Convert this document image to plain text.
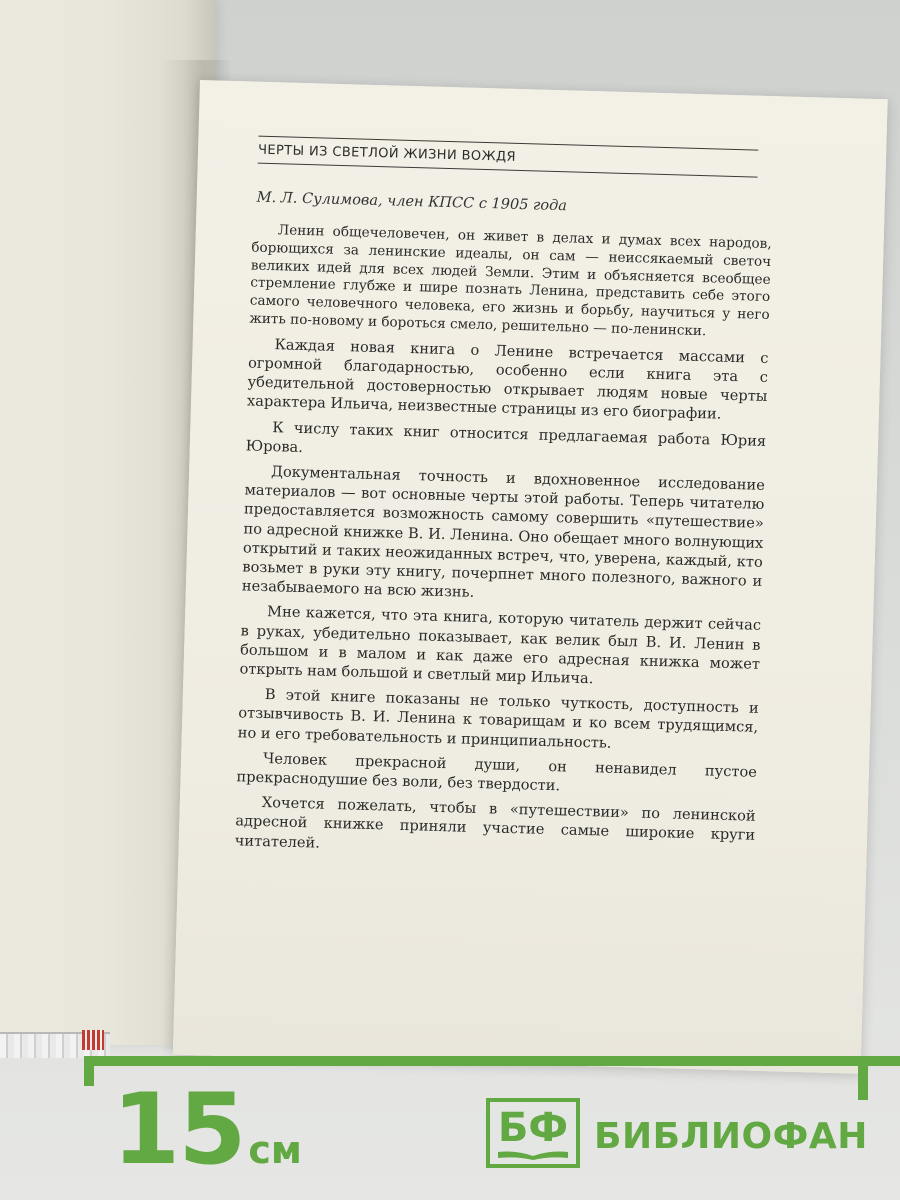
ЧЕРТЫ ИЗ СВЕТЛОЙ ЖИЗНИ ВОЖДЯ
М. Л. Сулимова, член КПСС с 1905 года

Ленин общечеловечен, он живет в делах и думах всех народов, борющихся за ленинские идеалы, он сам — неиссякаемый светоч великих идей для всех людей Земли. Этим и объясняется всеобщее стремление глубже и шире познать Ленина, представить себе этого самого человечного человека, его жизнь и борьбу, научиться у него жить по-новому и бороться смело, решительно — по-ленински.

Каждая новая книга о Ленине встречается массами с огромной благодарностью, особенно если книга эта с убедительной достоверностью открывает людям новые черты характера Ильича, неизвестные страницы из его биографии.

К числу таких книг относится предлагаемая работа Юрия Юрова.

Документальная точность и вдохновенное исследование материалов — вот основные черты этой работы. Теперь читателю предоставляется возможность самому совершить «путешествие» по адресной книжке В. И. Ленина. Оно обещает много волнующих открытий и таких неожиданных встреч, что, уверена, каждый, кто возьмет в руки эту книгу, почерпнет много полезного, важного и незабываемого на всю жизнь.

Мне кажется, что эта книга, которую читатель держит сейчас в руках, убедительно показывает, как велик был В. И. Ленин в большом и в малом и как даже его адресная книжка может открыть нам большой и светлый мир Ильича.

В этой книге показаны не только чуткость, доступность и отзывчивость В. И. Ленина к товарищам и ко всем трудящимся, но и его требовательность и принципиальность.

Человек прекрасной души, он ненавидел пустое прекраснодушие без воли, без твердости.

Хочется пожелать, чтобы в «путешествии» по ленинской адресной книжке приняли участие самые широкие круги читателей.

15 см	БФ БИБЛИОФАН
